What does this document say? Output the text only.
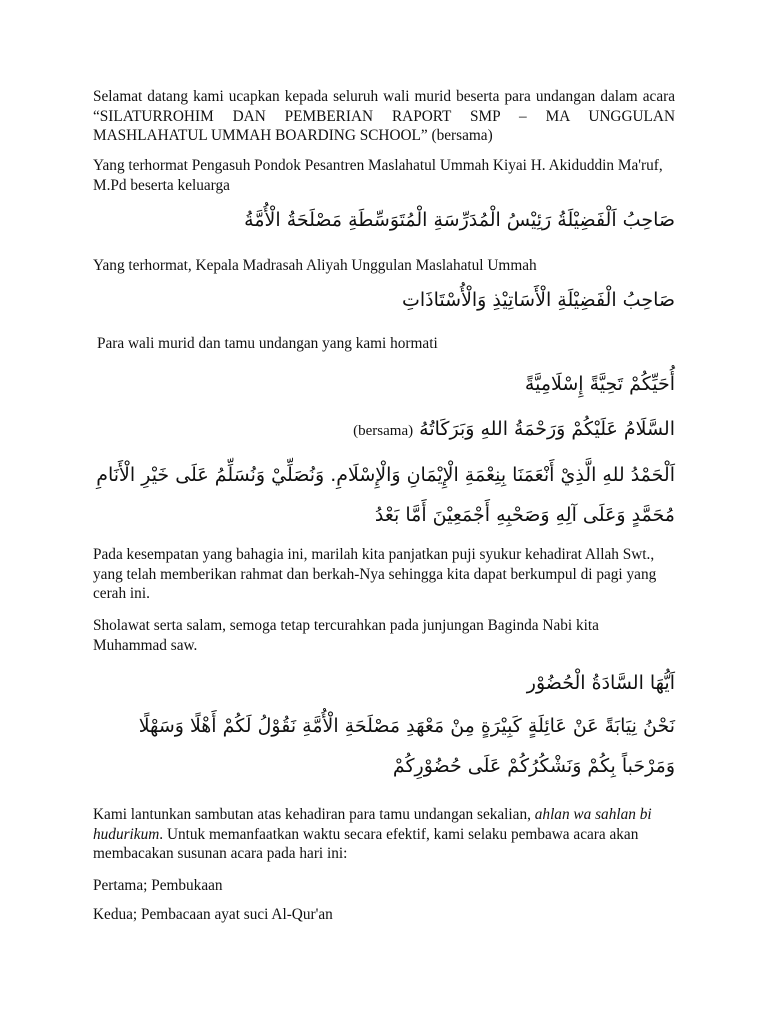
Selamat datang kami ucapkan kepada seluruh wali murid beserta para undangan dalam acara “SILATURROHIM DAN PEMBERIAN RAPORT SMP – MA UNGGULAN MASHLAHATUL UMMAH BOARDING SCHOOL” (bersama)

Yang terhormat Pengasuh Pondok Pesantren Maslahatul Ummah Kiyai H. Akiduddin Ma'ruf, M.Pd beserta keluarga

صَاحِبُ اَلْفَضِيْلَةُ رَئِيْسُ الْمُدَرِّسَةِ الْمُتَوَسِّطَةِ مَصْلَحَةُ الْأُمَّةُ

Yang terhormat, Kepala Madrasah Aliyah Unggulan Maslahatul Ummah

صَاحِبُ الْفَضِيْلَةِ الْأَسَاتِيْذِ وَالْأُسْتَاذَاتِ

Para wali murid dan tamu undangan yang kami hormati

أُحَيِّكُمْ تَحِيَّةً إِسْلَامِيَّةً

السَّلَامُ عَلَيْكُمْ وَرَحْمَةُ اللهِ وَبَرَكَاتُهُ (bersama)

اَلْحَمْدُ للهِ الَّذِيْ أَنْعَمَنَا بِنِعْمَةِ الْإِيْمَانِ وَالْإِسْلَامِ. وَنُصَلِّيْ وَنُسَلِّمُ عَلَى خَيْرِ الْأَنَامِ مُحَمَّدٍ وَعَلَى آلِهِ وَصَحْبِهِ أَجْمَعِيْنَ أَمَّا بَعْدُ

Pada kesempatan yang bahagia ini, marilah kita panjatkan puji syukur kehadirat Allah Swt., yang telah memberikan rahmat dan berkah-Nya sehingga kita dapat berkumpul di pagi yang cerah ini.

Sholawat serta salam, semoga tetap tercurahkan pada junjungan Baginda Nabi kita Muhammad saw.

اَيُّهَا السَّادَةُ الْحُضُوْر

نَحْنُ نِيَابَةً عَنْ عَائِلَةٍ كَبِيْرَةٍ مِنْ مَعْهَدِ مَصْلَحَةِ الْأُمَّةِ نَقُوْلُ لَكُمْ أَهْلًا وَسَهْلًا وَمَرْحَباً بِكُمْ وَنَشْكُرُكُمْ عَلَى حُضُوْرِكُمْ

Kami lantunkan sambutan atas kehadiran para tamu undangan sekalian, ahlan wa sahlan bi hudurikum. Untuk memanfaatkan waktu secara efektif, kami selaku pembawa acara akan membacakan susunan acara pada hari ini:

Pertama; Pembukaan

Kedua; Pembacaan ayat suci Al-Qur'an
